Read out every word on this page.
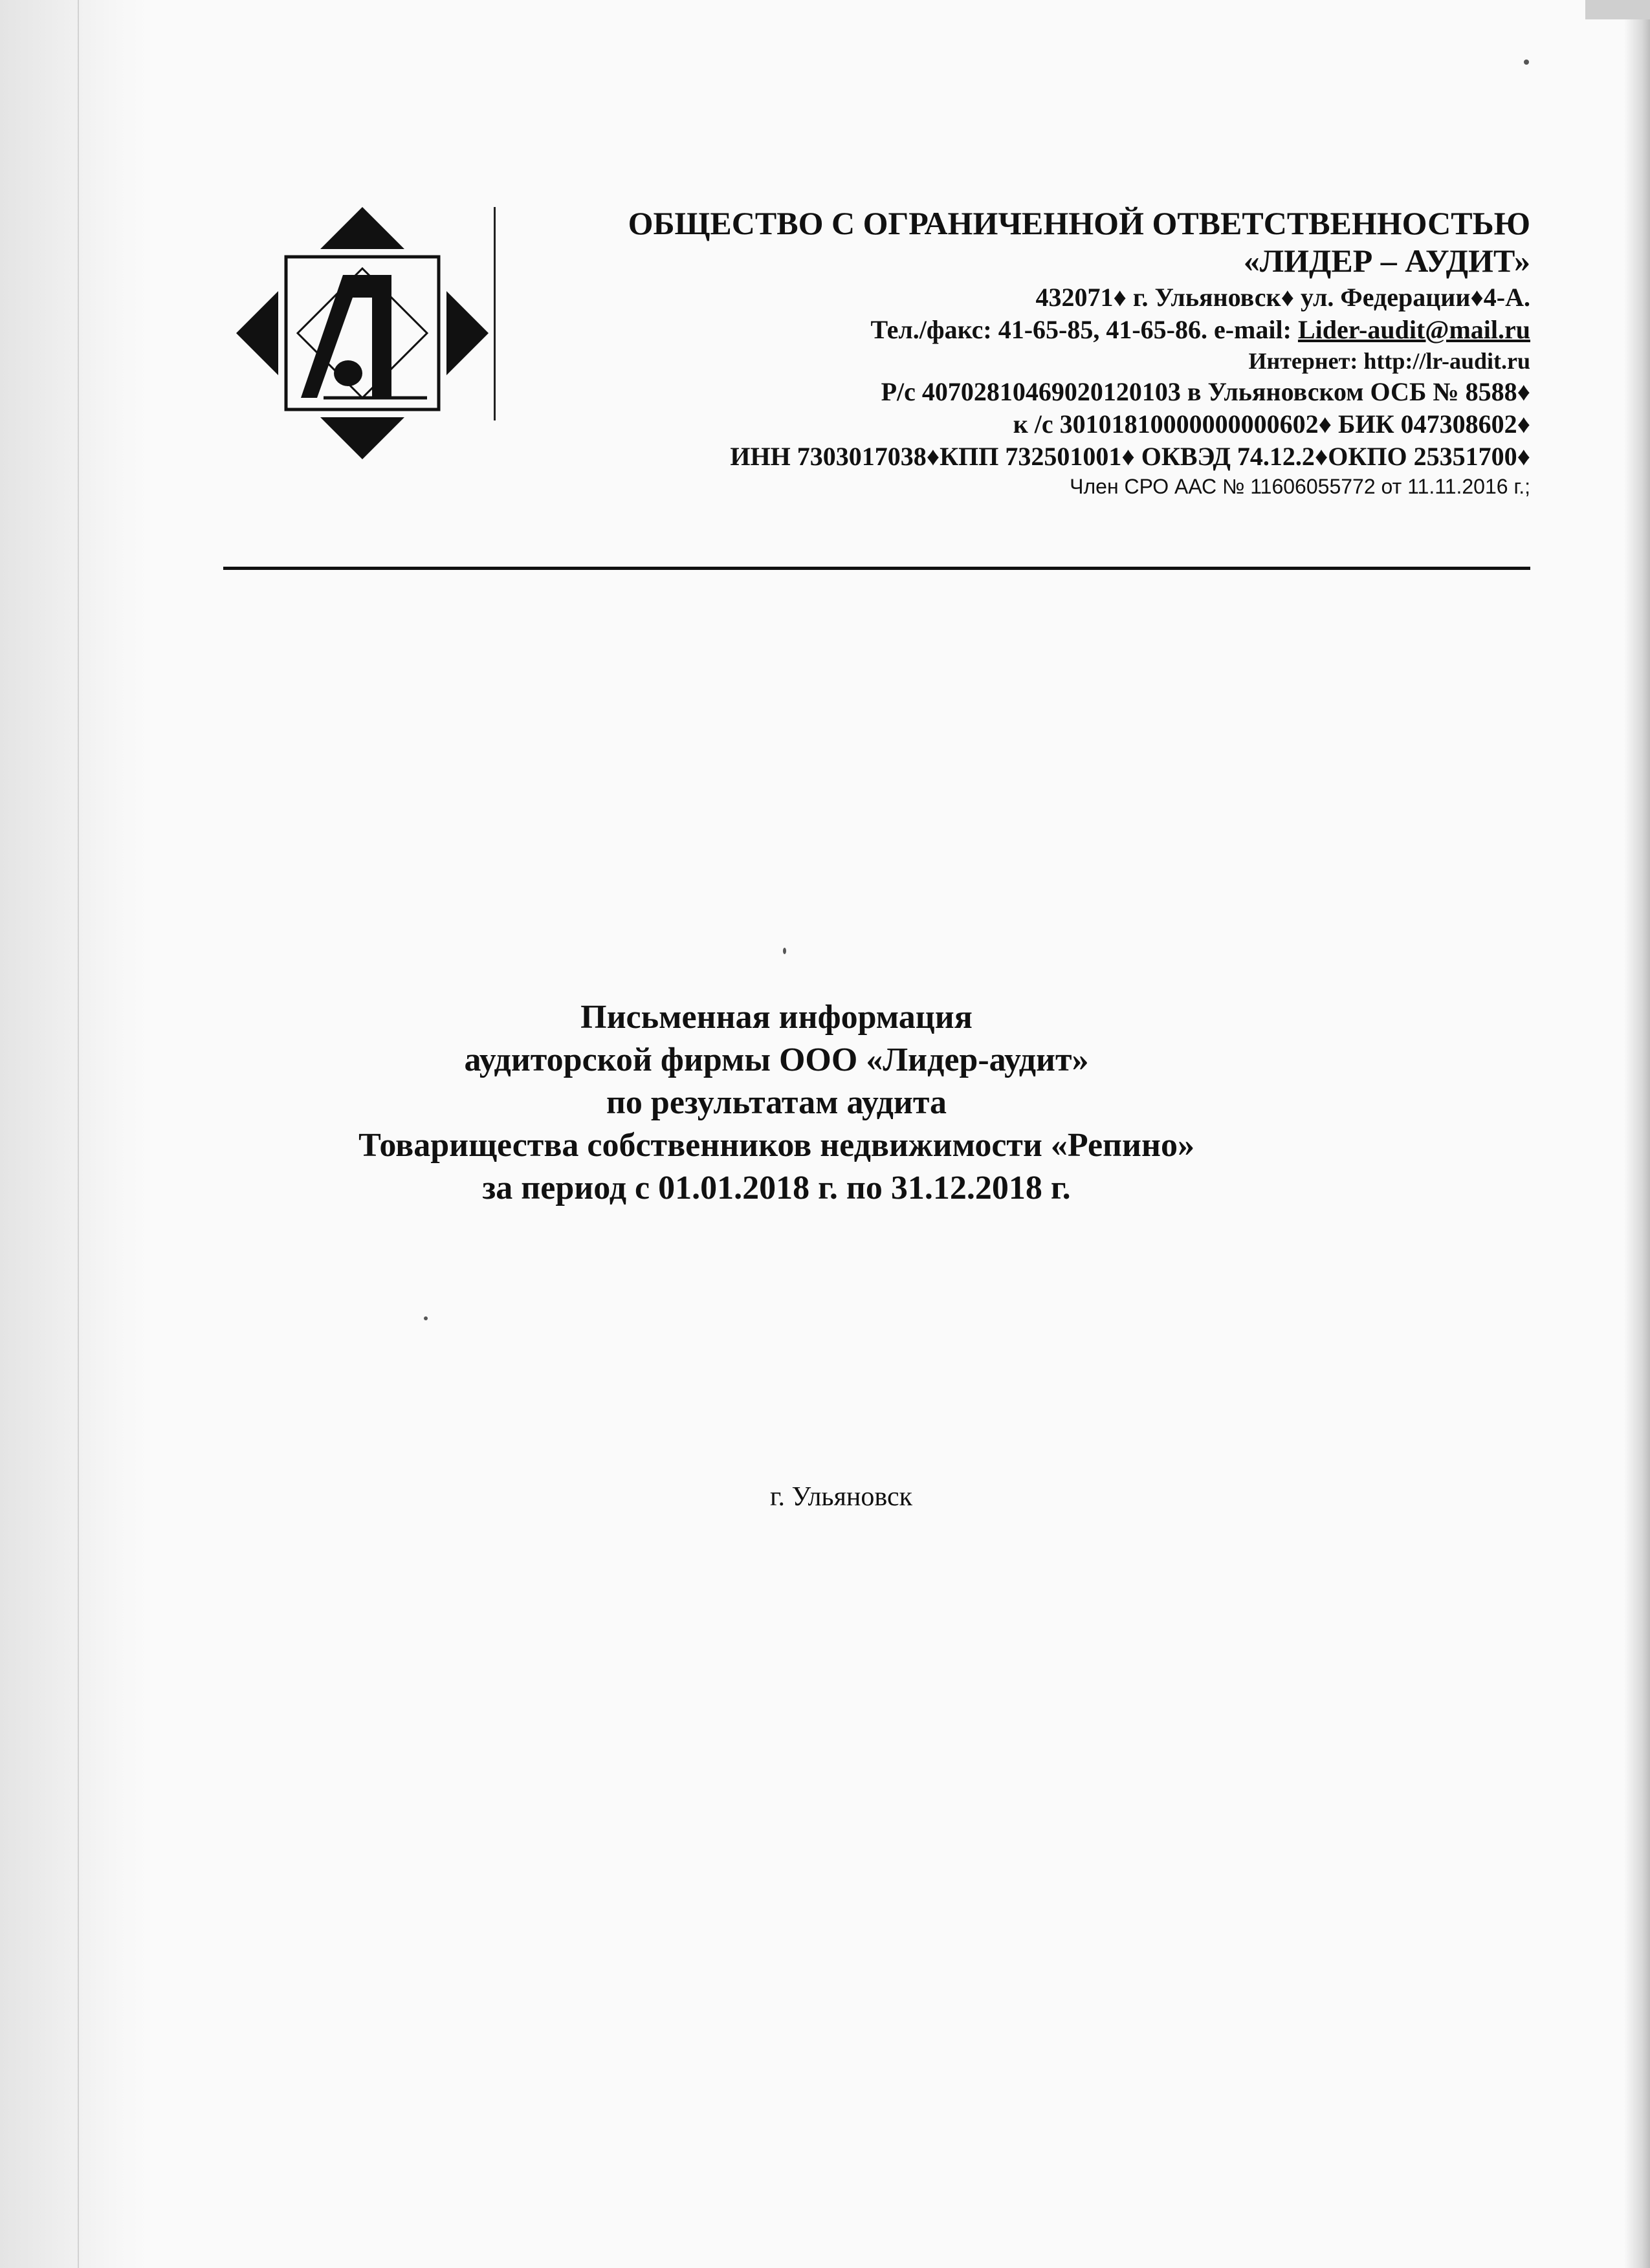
ОБЩЕСТВО С ОГРАНИЧЕННОЙ ОТВЕТСТВЕННОСТЬЮ
«ЛИДЕР – АУДИТ»
432071♦ г. Ульяновск♦ ул. Федерации♦4-А.
Тел./факс: 41-65-85, 41-65-86. e-mail: Lider-audit@mail.ru
Интернет: http://lr-audit.ru
Р/с 40702810469020120103 в Ульяновском ОСБ № 8588♦
к /с 30101810000000000602♦ БИК 047308602♦
ИНН 7303017038♦КПП 732501001♦ ОКВЭД 74.12.2♦ОКПО 25351700♦
Член СРО ААС № 11606055772 от 11.11.2016 г.;
Письменная информация
аудиторской фирмы ООО «Лидер-аудит»
по результатам аудита
Товарищества собственников недвижимости «Репино»
за период с 01.01.2018 г. по 31.12.2018 г.
г. Ульяновск
